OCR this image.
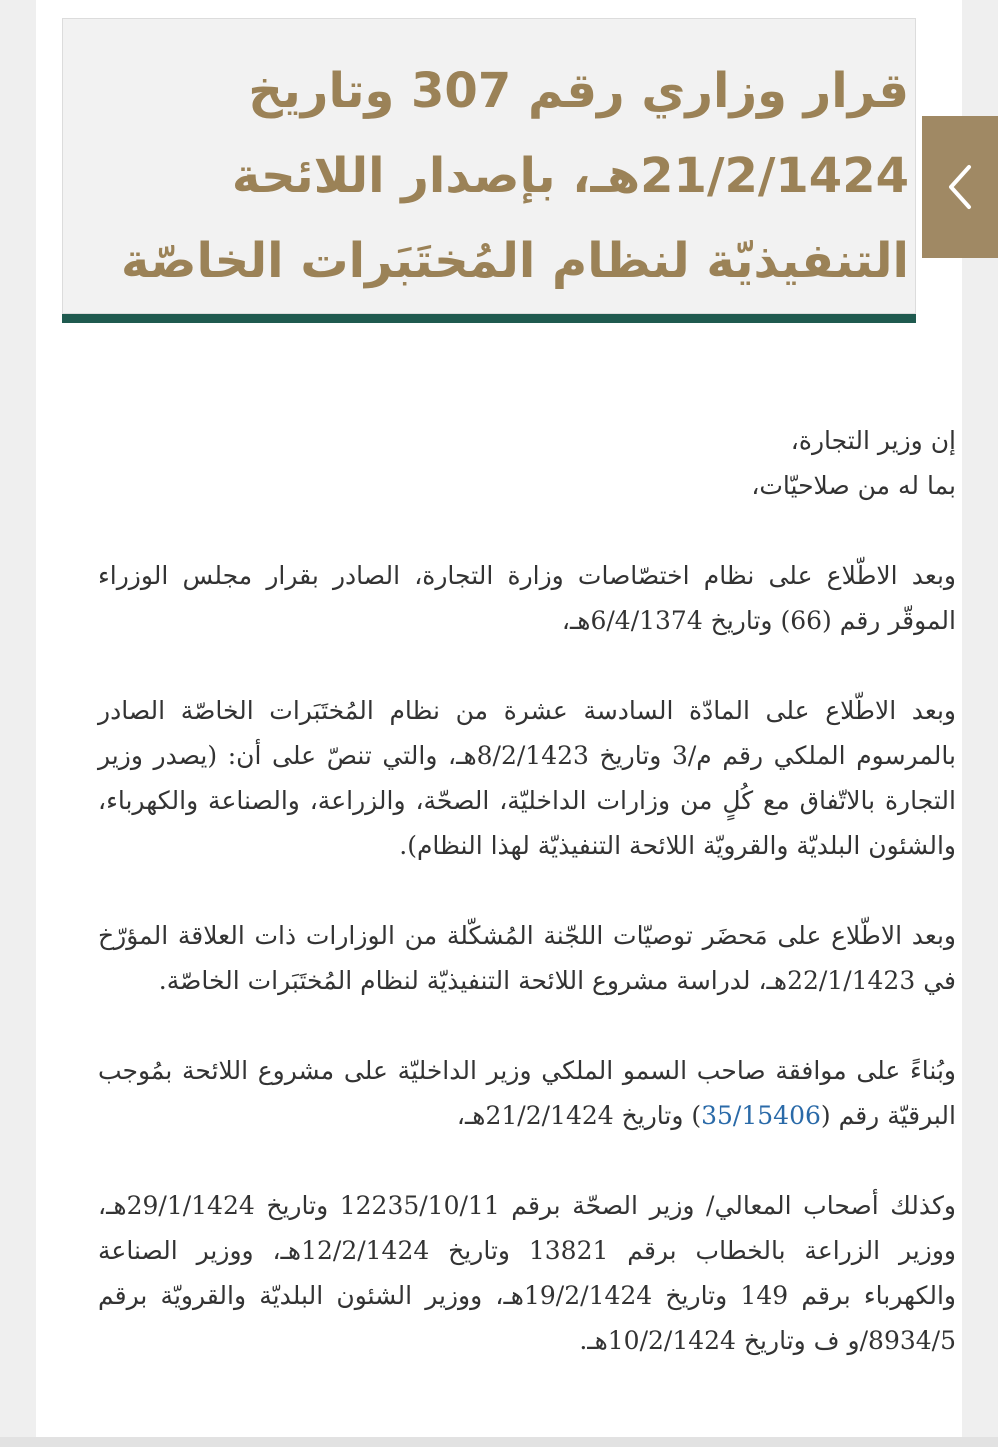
قرار وزاري رقم 307 وتاريخ 21/2/1424هـ، بإصدار اللائحة التنفيذيّة لنظام المُختَبَرات الخاصّة

إن وزير التجارة،
بما له من صلاحيّات،

وبعد الاطّلاع على نظام اختصّاصات وزارة التجارة، الصادر بقرار مجلس الوزراء الموقّر رقم (66) وتاريخ 6/4/1374هـ،

وبعد الاطّلاع على المادّة السادسة عشرة من نظام المُختَبَرات الخاصّة الصادر بالمرسوم الملكي رقم م/3 وتاريخ 8/2/1423هـ، والتي تنصّ على أن: (يصدر وزير التجارة بالاتّفاق مع كُلٍ من وزارات الداخليّة، الصحّة، والزراعة، والصناعة والكهرباء، والشئون البلديّة والقرويّة اللائحة التنفيذيّة لهذا النظام).

وبعد الاطّلاع على مَحضَر توصيّات اللجّنة المُشكّلة من الوزارات ذات العلاقة المؤرّخ في 22/1/1423هـ، لدراسة مشروع اللائحة التنفيذيّة لنظام المُختَبَرات الخاصّة.

وبُناءً على موافقة صاحب السمو الملكي وزير الداخليّة على مشروع اللائحة بمُوجب البرقيّة رقم (35/15406) وتاريخ 21/2/1424هـ،

وكذلك أصحاب المعالي/ وزير الصحّة برقم 12235/10/11 وتاريخ 29/1/1424هـ، ووزير الزراعة بالخطاب برقم 13821 وتاريخ 12/2/1424هـ، ووزير الصناعة والكهرباء برقم 149 وتاريخ 19/2/1424هـ، ووزير الشئون البلديّة والقرويّة برقم 8934/5/و ف وتاريخ 10/2/1424هـ.
